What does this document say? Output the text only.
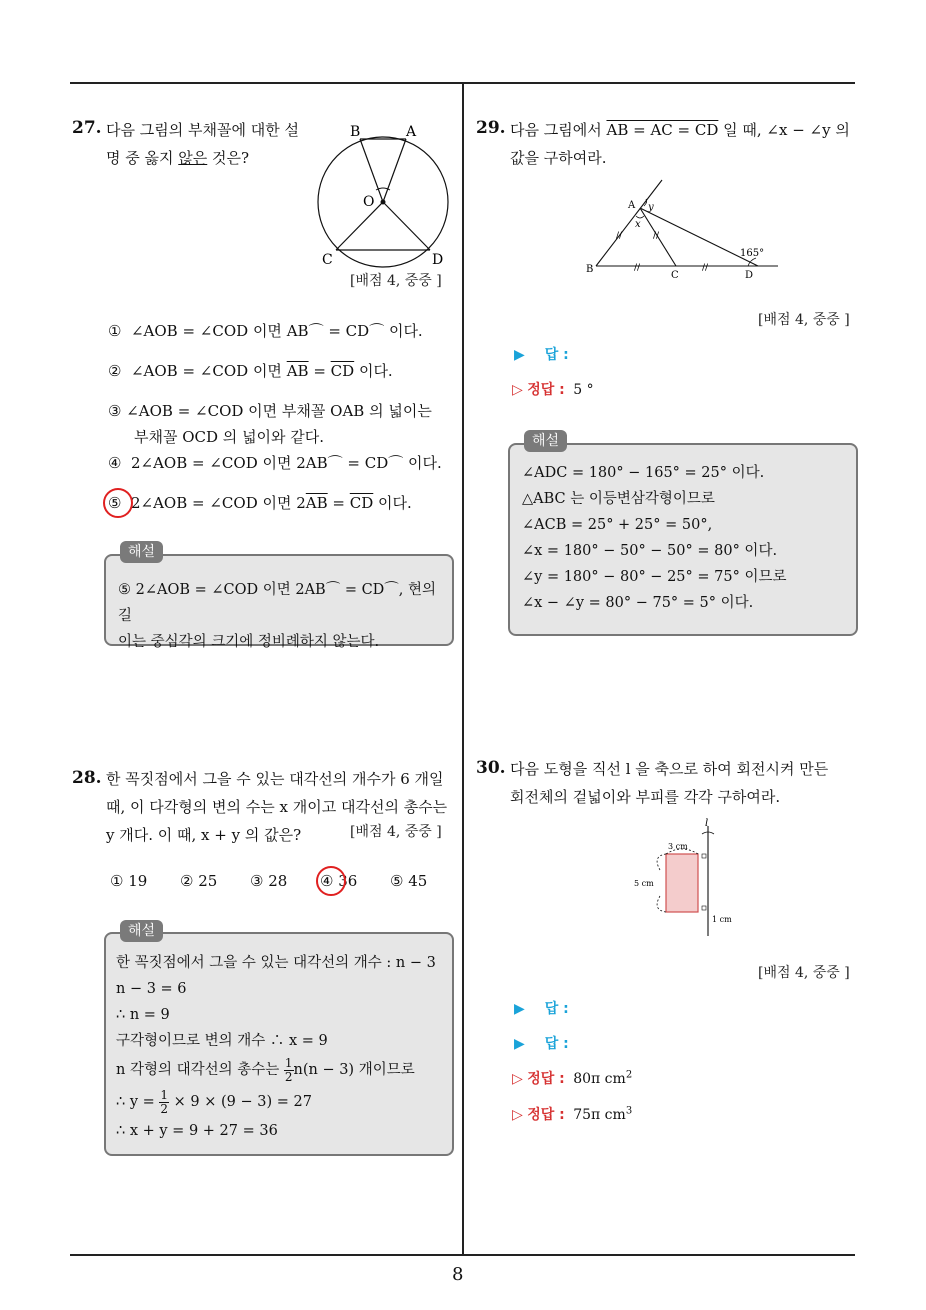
8
27. 다음 그림의 부채꼴에 대한 설
명 중 옳지 않은 것은?
B	A
O
C	D
[배점 4, 중중 ]
①  ∠AOB = ∠COD 이면 AB⌒ = CD⌒ 이다.
②  ∠AOB = ∠COD 이면 $\overline{AB} = \overline{CD}$ 이다.
③ ∠AOB = ∠COD 이면 부채꼴 OAB 의 넓이는
부채꼴 OCD 의 넓이와 같다.
④  2∠AOB = ∠COD 이면 2AB⌒ = CD⌒ 이다.
⑤  2∠AOB = ∠COD 이면 $2\overline{AB} = \overline{CD}$ 이다.
해설
⑤ 2∠AOB = ∠COD 이면 2AB⌒ = CD⌒, 현의 길
이는 중심각의 크기에 정비례하지 않는다.
28. 한 꼭짓점에서 그을 수 있는 대각선의 개수가 6 개일
때, 이 다각형의 변의 수는 x 개이고 대각선의 총수는
y 개다. 이 때, x + y 의 값은?	[배점 4, 중중 ]
① 19 ② 25 ③ 28 ④ 36 ⑤ 45
해설
한 꼭짓점에서 그을 수 있는 대각선의 개수 : n − 3
n − 3 = 6
∴ n = 9
구각형이므로 변의 개수 ∴ x = 9
n 각형의 대각선의 총수는 $\frac{1}{2} n(n - 3)$ 개이므로
∴ $y = \frac{1}{2} \times 9 \times (9 - 3) = 27$
∴ x + y = 9 + 27 = 36
29. 다음 그림에서 AB = AC = CD 일 때, ∠x − ∠y 의
값을 구하여라.
//	//
//	//
A y
x
B
C	D
165°
[배점 4, 중중 ]
▶ 답 :
▷ 정답 : 5 °
해설
∠ADC = 180° − 165° = 25° 이다.
△ABC 는 이등변삼각형이므로
∠ACB = 25° + 25° = 50°,
∠x = 180° − 50° − 50° = 80° 이다.
∠y = 180° − 80° − 25° = 75° 이므로
∠x − ∠y = 80° − 75° = 5° 이다.
30. 다음 도형을 직선 l 을 축으로 하여 회전시켜 만든
회전체의 겉넓이와 부피를 각각 구하여라.
l
3 cm
5 cm
1 cm
[배점 4, 중중 ]
▶ 답 :
▶ 답 :
▷ 정답 : 80π $cm^2$
▷ 정답 : 75π $cm^3$
